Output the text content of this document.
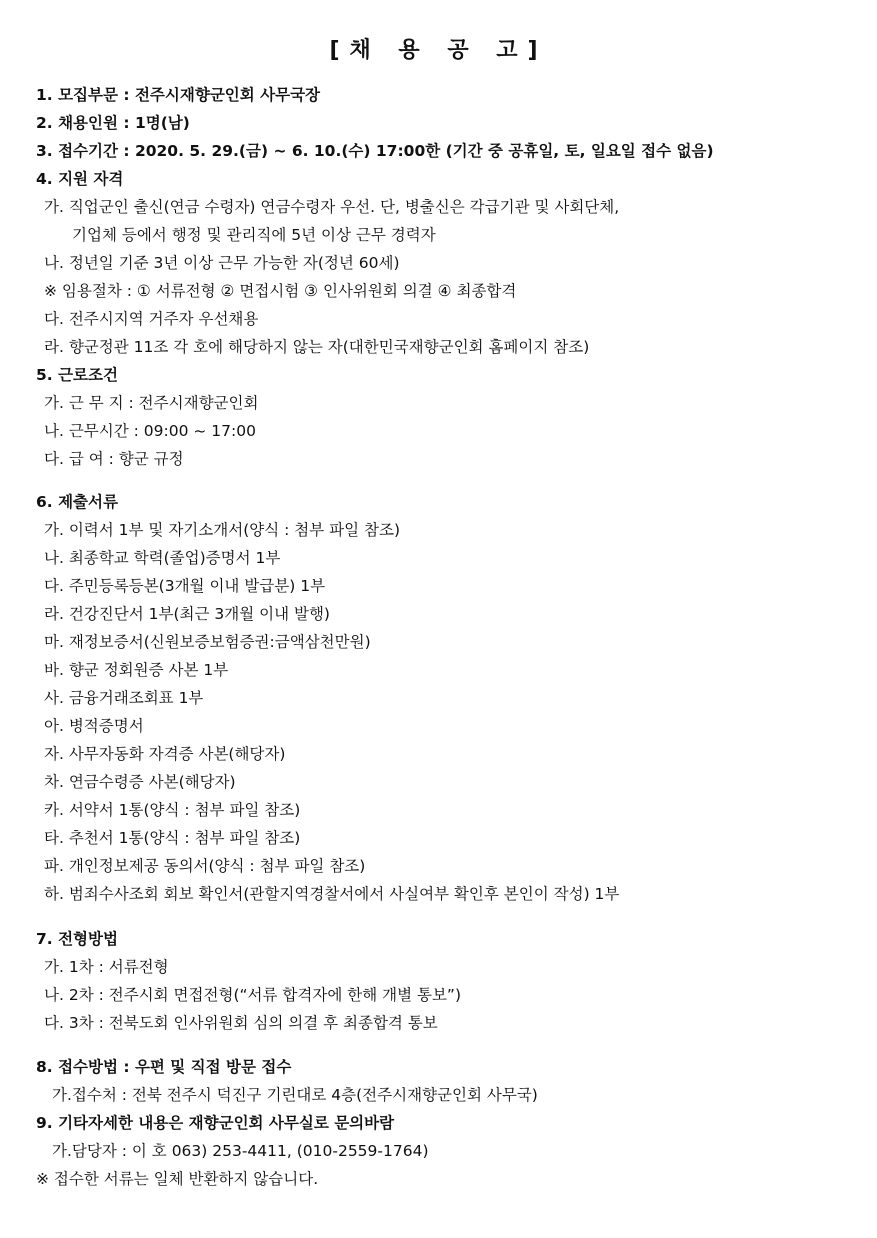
[채 용 공 고]
1. 모집부문 : 전주시재향군인회 사무국장
2. 채용인원 : 1명(남)
3. 접수기간 : 2020. 5. 29.(금) ~ 6. 10.(수) 17:00한 (기간 중 공휴일, 토, 일요일 접수 없음)
4. 지원 자격
가. 직업군인 출신(연금 수령자) 연금수령자 우선. 단, 병출신은 각급기관 및 사회단체,
기업체 등에서 행정 및 관리직에 5년 이상 근무 경력자
나. 정년일 기준 3년 이상 근무 가능한 자(정년 60세)
※ 임용절차 : ① 서류전형 ② 면접시험 ③ 인사위원회 의결 ④ 최종합격
다. 전주시지역 거주자 우선채용
라. 향군정관 11조 각 호에 해당하지 않는 자(대한민국재향군인회 홈페이지 참조)
5. 근로조건
가. 근 무 지 : 전주시재향군인회
나. 근무시간 : 09:00 ~ 17:00
다. 급 여 : 향군 규정
6. 제출서류
가. 이력서 1부 및 자기소개서(양식 : 첨부 파일 참조)
나. 최종학교 학력(졸업)증명서 1부
다. 주민등록등본(3개월 이내 발급분) 1부
라. 건강진단서 1부(최근 3개월 이내 발행)
마. 재정보증서(신원보증보험증권:금액삼천만원)
바. 향군 정회원증 사본 1부
사. 금융거래조회표 1부
아. 병적증명서
자. 사무자동화 자격증 사본(해당자)
차. 연금수령증 사본(해당자)
카. 서약서 1통(양식 : 첨부 파일 참조)
타. 추천서 1통(양식 : 첨부 파일 참조)
파. 개인정보제공 동의서(양식 : 첨부 파일 참조)
하. 범죄수사조회 회보 확인서(관할지역경찰서에서 사실여부 확인후 본인이 작성) 1부
7. 전형방법
가. 1차 : 서류전형
나. 2차 : 전주시회 면접전형(“서류 합격자에 한해 개별 통보”)
다. 3차 : 전북도회 인사위원회 심의 의결 후 최종합격 통보
8. 접수방법 : 우편 및 직접 방문 접수
가.접수처 : 전북 전주시 덕진구 기린대로 4층(전주시재향군인회 사무국)
9. 기타자세한 내용은 재향군인회 사무실로 문의바람
가.담당자 : 이 호 063) 253-4411, (010-2559-1764)
※ 접수한 서류는 일체 반환하지 않습니다.
